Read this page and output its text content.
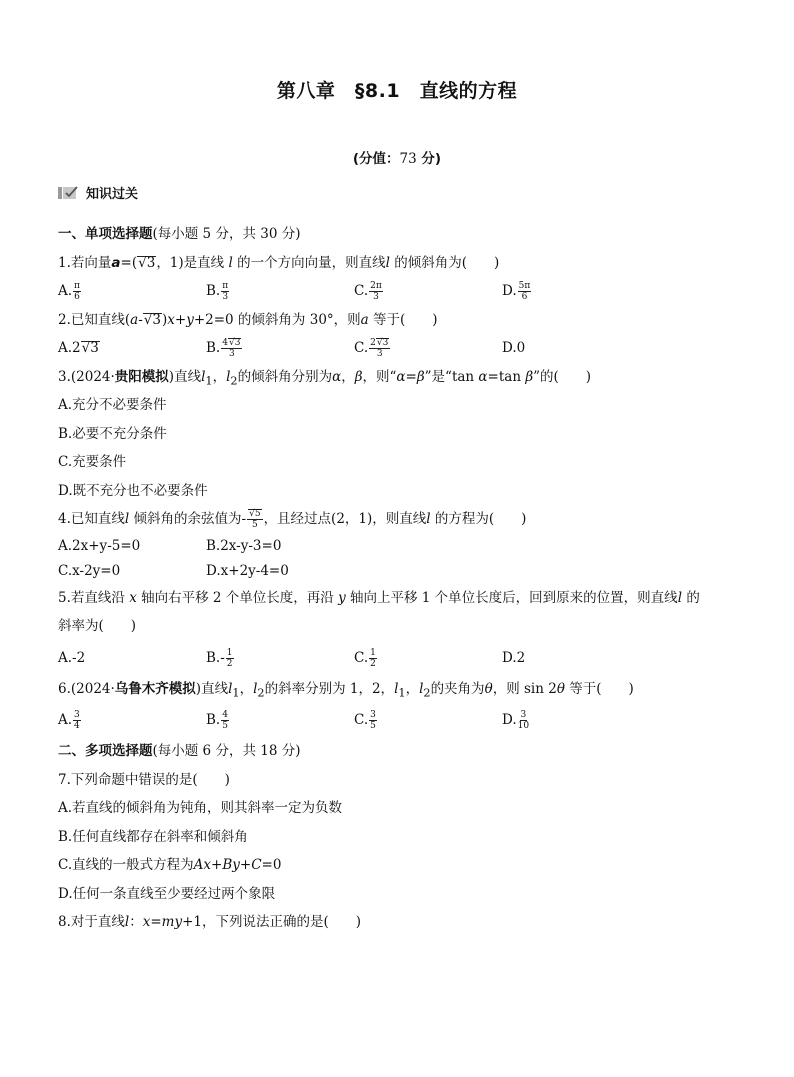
第八章　§8.1　直线的方程
(分值：73 分)
知识过关
一、单项选择题(每小题 5 分，共 30 分)
1.若向量a=(√3，1)是直线 l 的一个方向向量，则直线l 的倾斜角为(　　)
A. $\frac{\pi}{6}$	B. $\frac{\pi}{3}$	C. $\frac{2\pi}{3}$	D. $\frac{5\pi}{6}$
2.已知直线(a-√3)x+y+2=0 的倾斜角为 30°，则a 等于(　　)
A.2√3	B. $\frac{4√3}{3}$	C. $\frac{2√3}{3}$	D.0
3.(2024·贵阳模拟)直线$l_1$，$l_2$的倾斜角分别为α，β，则“α=β”是“tan α=tan β”的(　　)
A.充分不必要条件
B.必要不充分条件
C.充要条件
D.既不充分也不必要条件
4.已知直线l 倾斜角的余弦值为- $\frac{√5}{5}$ ，且经过点(2，1)，则直线l 的方程为(　　)
A.2x+y-5=0	B.2x-y-3=0
C.x-2y=0	D.x+2y-4=0
5.若直线沿 x 轴向右平移 2 个单位长度，再沿 y 轴向上平移 1 个单位长度后，回到原来的位置，则直线l 的
斜率为(　　)
A.-2	$B.- \frac{1}{2}$	C. $\frac{1}{2}$	D.2
6.(2024·乌鲁木齐模拟)直线$l_1$，$l_2$的斜率分别为 1，2，$l_1$，$l_2$的夹角为θ，则 sin 2θ 等于(　　)
A. $\frac{3}{4}$	B. $\frac{4}{5}$	C. $\frac{3}{5}$	D. $\frac{3}{10}$
二、多项选择题(每小题 6 分，共 18 分)
7.下列命题中错误的是(　　)
A.若直线的倾斜角为钝角，则其斜率一定为负数
B.任何直线都存在斜率和倾斜角
C.直线的一般式方程为Ax+By+C=0
D.任何一条直线至少要经过两个象限
8.对于直线l：x=my+1，下列说法正确的是(　　)
